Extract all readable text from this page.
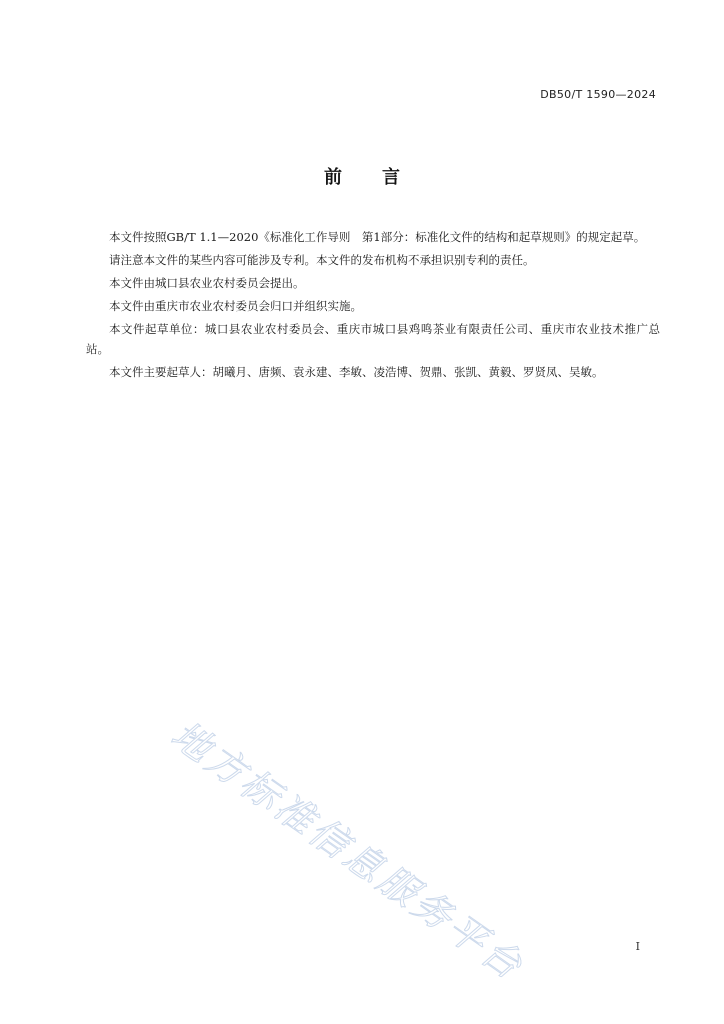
DB50/T 1590—2024
前言

本文件按照GB/T 1.1—2020《标准化工作导则　第1部分：标准化文件的结构和起草规则》的规定起草。

请注意本文件的某些内容可能涉及专利。本文件的发布机构不承担识别专利的责任。

本文件由城口县农业农村委员会提出。

本文件由重庆市农业农村委员会归口并组织实施。

本文件起草单位：城口县农业农村委员会、重庆市城口县鸡鸣茶业有限责任公司、重庆市农业技术推广总站。

本文件主要起草人：胡曦月、唐频、袁永建、李敏、凌浩博、贺鼎、张凯、黄毅、罗贤凤、吴敏。

地方标准信息服务平台	I
